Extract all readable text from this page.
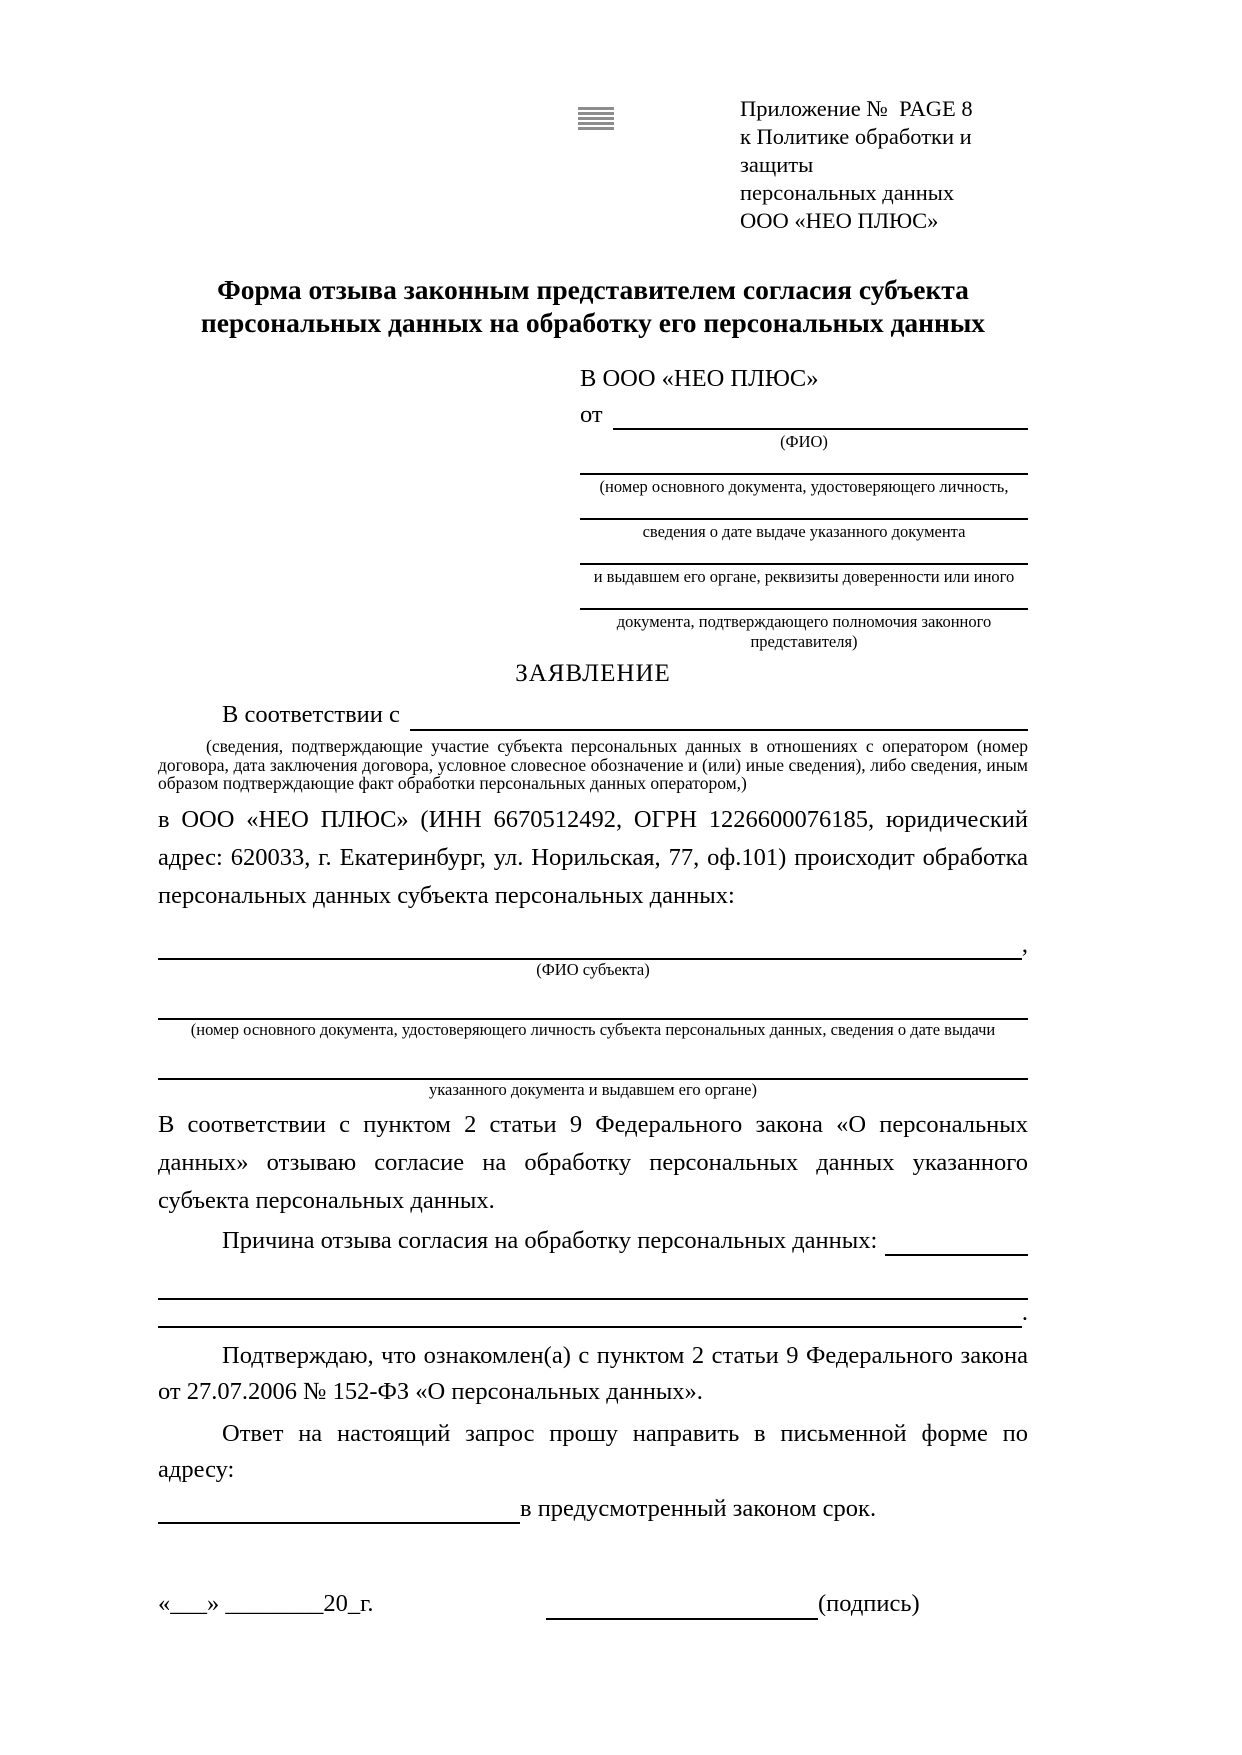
Приложение №  PAGE 8
к Политике обработки и защиты
персональных данных
ООО «НЕО ПЛЮС»
Форма отзыва законным представителем согласия субъекта персональных данных на обработку его персональных данных
В ООО «НЕО ПЛЮС»
от
(ФИО)
(номер основного документа, удостоверяющего личность,
сведения о дате выдаче указанного документа
и выдавшем его органе, реквизиты доверенности или иного
документа, подтверждающего полномочия законного представителя)
ЗАЯВЛЕНИЕ
В соответствии с
(сведения, подтверждающие участие субъекта персональных данных в отношениях с оператором (номер договора, дата заключения договора, условное словесное обозначение и (или) иные сведения), либо сведения, иным образом подтверждающие факт обработки персональных данных оператором,)
в ООО «НЕО ПЛЮС» (ИНН 6670512492, ОГРН 1226600076185, юридический адрес: 620033, г. Екатеринбург, ул. Норильская, 77, оф.101) происходит обработка персональных данных субъекта персональных данных:
,
(ФИО субъекта)
(номер основного документа, удостоверяющего личность субъекта персональных данных, сведения о дате выдачи
указанного документа и выдавшем его органе)
В соответствии с пунктом 2 статьи 9 Федерального закона «О персональных данных» отзываю согласие на обработку персональных данных указанного субъекта персональных данных.
Причина отзыва согласия на обработку персональных данных:
.
Подтверждаю, что ознакомлен(а) с пунктом 2 статьи 9 Федерального закона от 27.07.2006 № 152-ФЗ «О персональных данных».
Ответ на настоящий запрос прошу направить в письменной форме по адресу:
в предусмотренный законом срок.
«___» ________20_г.	(подпись)
